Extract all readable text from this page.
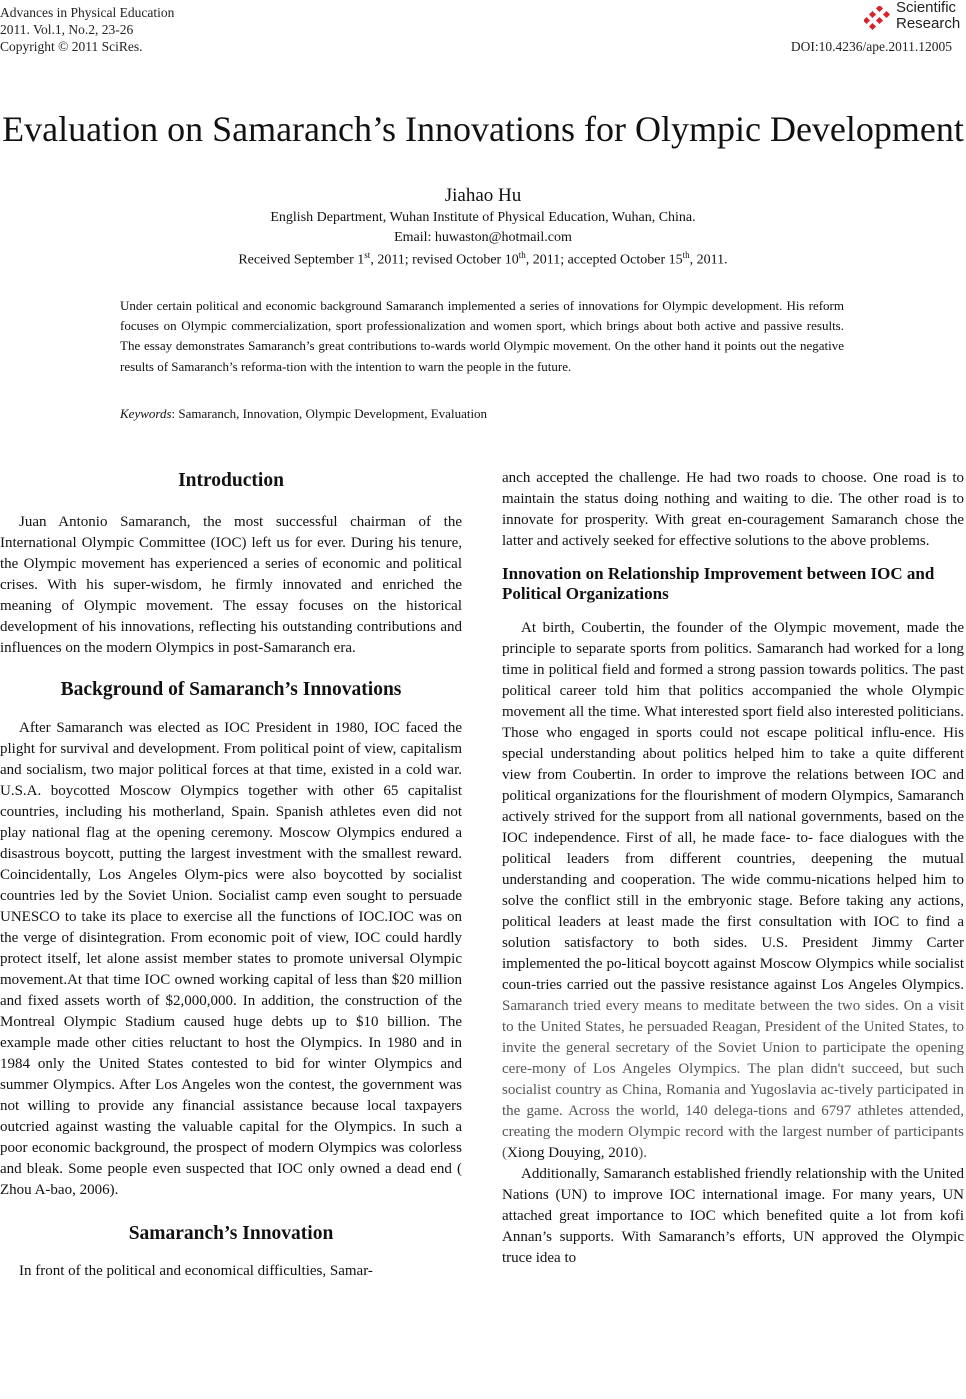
Advances in Physical Education
2011. Vol.1, No.2, 23-26
Copyright © 2011 SciRes.	DOI:10.4236/ape.2011.12005
Scientific
Research
Evaluation on Samaranch’s Innovations for Olympic Development
Jiahao Hu
English Department, Wuhan Institute of Physical Education, Wuhan, China.
Email: huwaston@hotmail.com
Received September 1st, 2011; revised October 10th, 2011; accepted October 15th, 2011.

Under certain political and economic background Samaranch implemented a series of innovations for Olympic development. His reform focuses on Olympic commercialization, sport professionalization and women sport, which brings about both active and passive results. The essay demonstrates Samaranch’s great contributions to-wards world Olympic movement. On the other hand it points out the negative results of Samaranch’s reforma-tion with the intention to warn the people in the future.

Keywords: Samaranch, Innovation, Olympic Development, Evaluation
Introduction

Juan Antonio Samaranch, the most successful chairman of the International Olympic Committee (IOC) left us for ever. During his tenure, the Olympic movement has experienced a series of economic and political crises. With his super-wisdom, he firmly innovated and enriched the meaning of Olympic movement. The essay focuses on the historical development of his innovations, reflecting his outstanding contributions and influences on the modern Olympics in post-Samaranch era.

Background of Samaranch’s Innovations

After Samaranch was elected as IOC President in 1980, IOC faced the plight for survival and development. From political point of view, capitalism and socialism, two major political forces at that time, existed in a cold war. U.S.A. boycotted Moscow Olympics together with other 65 capitalist countries, including his motherland, Spain. Spanish athletes even did not play national flag at the opening ceremony. Moscow Olympics endured a disastrous boycott, putting the largest investment with the smallest reward. Coincidentally, Los Angeles Olym-pics were also boycotted by socialist countries led by the Soviet Union. Socialist camp even sought to persuade UNESCO to take its place to exercise all the functions of IOC.IOC was on the verge of disintegration. From economic poit of view, IOC could hardly protect itself, let alone assist member states to promote universal Olympic movement.At that time IOC owned working capital of less than $20 million and fixed assets worth of $2,000,000. In addition, the construction of the Montreal Olympic Stadium caused huge debts up to $10 billion. The example made other cities reluctant to host the Olympics. In 1980 and in 1984 only the United States contested to bid for winter Olympics and summer Olympics. After Los Angeles won the contest, the government was not willing to provide any financial assistance because local taxpayers outcried against wasting the valuable capital for the Olympics. In such a poor economic background, the prospect of modern Olympics was colorless and bleak. Some people even suspected that IOC only owned a dead end ( Zhou A-bao, 2006).

Samaranch’s Innovation

In front of the political and economical difficulties, Samar-

anch accepted the challenge. He had two roads to choose. One road is to maintain the status doing nothing and waiting to die. The other road is to innovate for prosperity. With great en-couragement Samaranch chose the latter and actively seeked for effective solutions to the above problems.

Innovation on Relationship Improvement between IOC and Political Organizations

At birth, Coubertin, the founder of the Olympic movement, made the principle to separate sports from politics. Samaranch had worked for a long time in political field and formed a strong passion towards politics. The past political career told him that politics accompanied the whole Olympic movement all the time. What interested sport field also interested politicians. Those who engaged in sports could not escape political influ-ence. His special understanding about politics helped him to take a quite different view from Coubertin. In order to improve the relations between IOC and political organizations for the flourishment of modern Olympics, Samaranch actively strived for the support from all national governments, based on the IOC independence. First of all, he made face- to- face dialogues with the political leaders from different countries, deepening the mutual understanding and cooperation. The wide commu-nications helped him to solve the conflict still in the embryonic stage. Before taking any actions, political leaders at least made the first consultation with IOC to find a solution satisfactory to both sides. U.S. President Jimmy Carter implemented the po-litical boycott against Moscow Olympics while socialist coun-tries carried out the passive resistance against Los Angeles Olympics. Samaranch tried every means to meditate between the two sides. On a visit to the United States, he persuaded Reagan, President of the United States, to invite the general secretary of the Soviet Union to participate the opening cere-mony of Los Angeles Olympics. The plan didn't succeed, but such socialist country as China, Romania and Yugoslavia ac-tively participated in the game. Across the world, 140 delega-tions and 6797 athletes attended, creating the modern Olympic record with the largest number of participants (Xiong Douying, 2010).

Additionally, Samaranch established friendly relationship with the United Nations (UN) to improve IOC international image. For many years, UN attached great importance to IOC which benefited quite a lot from kofi Annan’s supports. With Samaranch’s efforts, UN approved the Olympic truce idea to
